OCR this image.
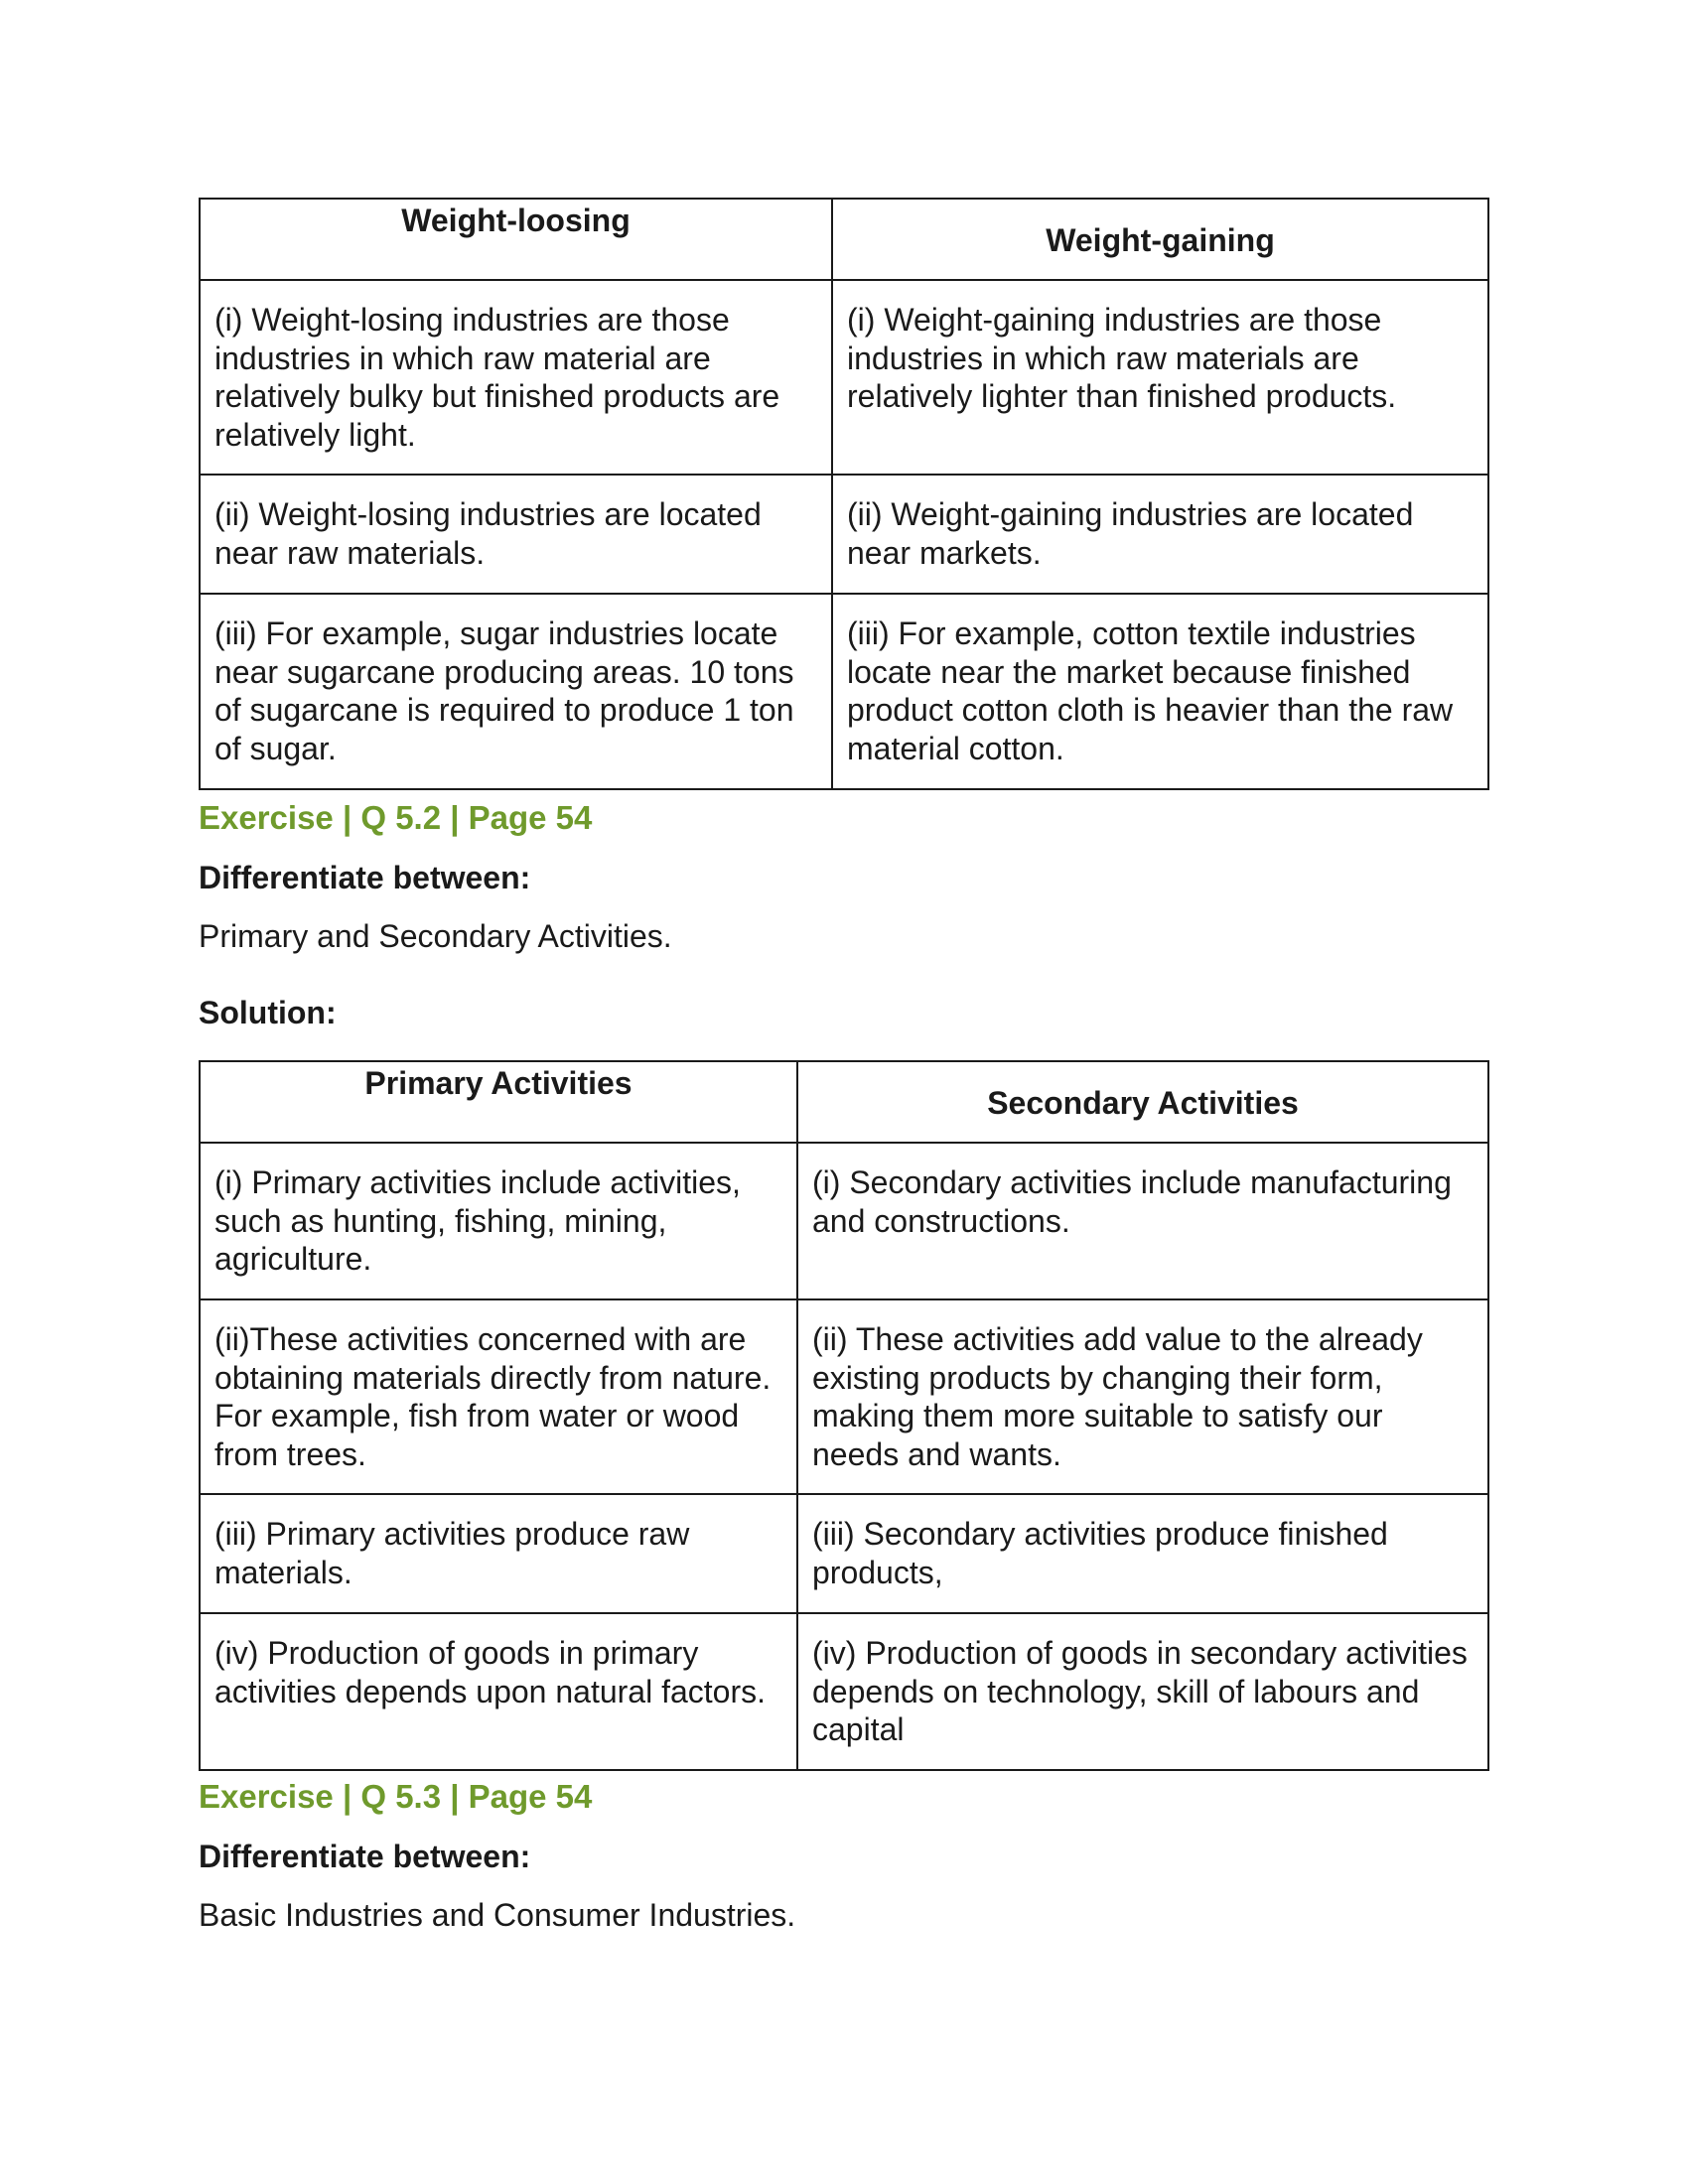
Weight-loosing	Weight-gaining
(i) Weight-losing industries are those industries in which raw material are relatively bulky but finished products are relatively light.	(i) Weight-gaining industries are those industries in which raw materials are relatively lighter than finished products.
(ii) Weight-losing industries are located near raw materials.	(ii) Weight-gaining industries are located near markets.
(iii) For example, sugar industries locate near sugarcane producing areas. 10 tons of sugarcane is required to produce 1 ton of sugar.	(iii) For example, cotton textile industries locate near the market because finished product cotton cloth is heavier than the raw material cotton.
Exercise | Q 5.2 | Page 54
Differentiate between:
Primary and Secondary Activities.
Solution:
Primary Activities	Secondary Activities
(i) Primary activities include activities, such as hunting, fishing, mining, agriculture.	(i) Secondary activities include manufacturing and constructions.
(ii)These activities concerned with are obtaining materials directly from nature. For example, fish from water or wood from trees.	(ii) These activities add value to the already existing products by changing their form, making them more suitable to satisfy our needs and wants.
(iii) Primary activities produce raw materials.	(iii) Secondary activities produce finished products,
(iv) Production of goods in primary activities depends upon natural factors.	(iv) Production of goods in secondary activities depends on technology, skill of labours and capital
Exercise | Q 5.3 | Page 54
Differentiate between:
Basic Industries and Consumer Industries.
